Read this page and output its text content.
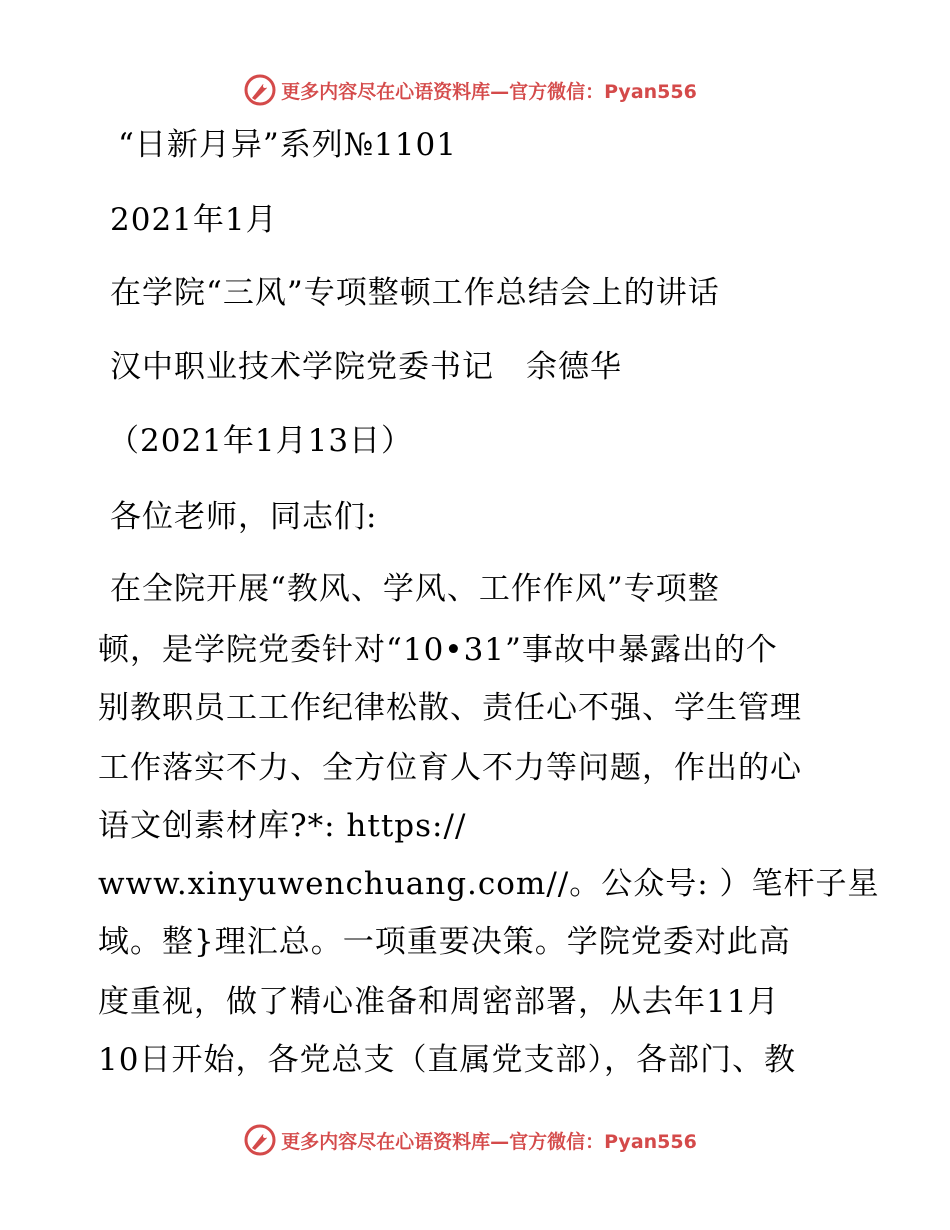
更多内容尽在心语资料库—官方微信：Pyan556
“日新月异”系列№1101
2021年1月
在学院“三风”专项整顿工作总结会上的讲话
汉中职业技术学院党委书记　余德华
（2021年1月13日）
各位老师，同志们:
在全院开展“教风、学风、工作作风”专项整
顿，是学院党委针对“10•31”事故中暴露出的个
别教职员工工作纪律松散、责任心不强、学生管理
工作落实不力、全方位育人不力等问题，作出的心
语文创素材库?*: https://
www.xinyuwenchuang.com//。公众号: ）笔杆子星
域。整}理汇总。一项重要决策。学院党委对此高
度重视，做了精心准备和周密部署，从去年11月
10日开始，各党总支（直属党支部），各部门、教
更多内容尽在心语资料库—官方微信：Pyan556
